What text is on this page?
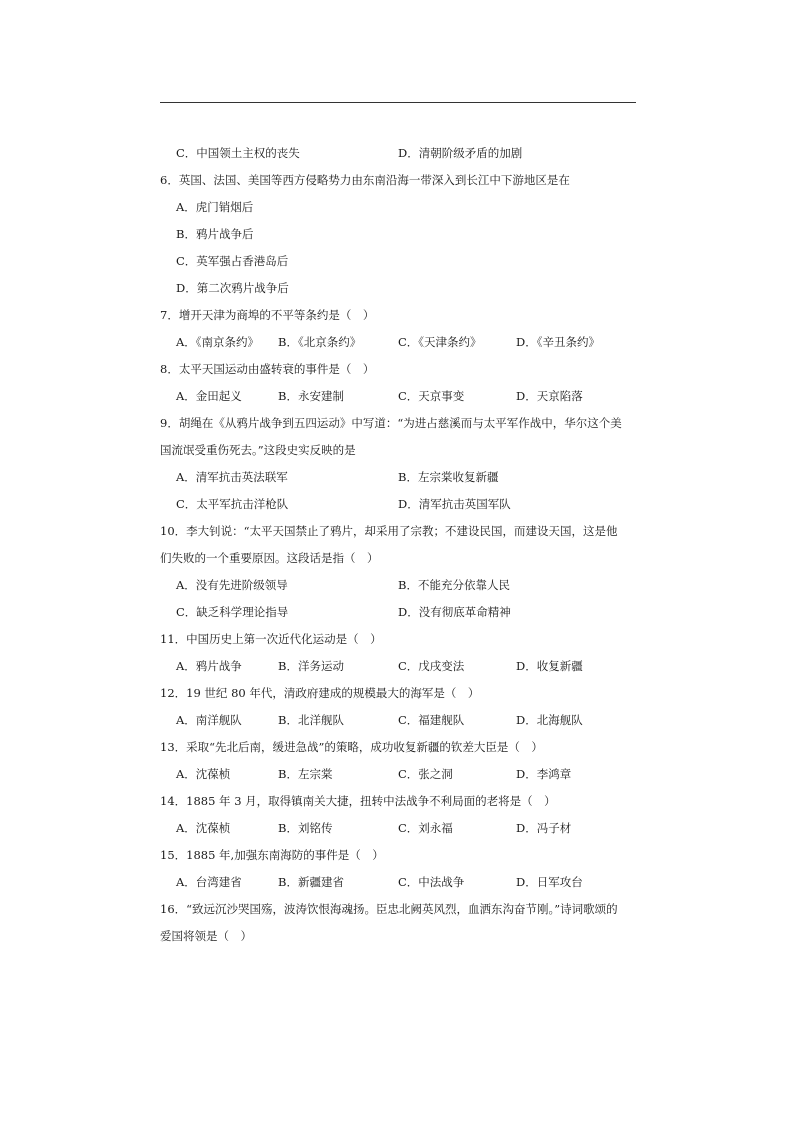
C．中国领土主权的丧失	D．清朝阶级矛盾的加剧
6．英国、法国、美国等西方侵略势力由东南沿海一带深入到长江中下游地区是在
A．虎门销烟后
B．鸦片战争后
C．英军强占香港岛后
D．第二次鸦片战争后
7．增开天津为商埠的不平等条约是（　）
A．《南京条约》 B．《北京条约》	C．《天津条约》	D．《辛丑条约》
8．太平天国运动由盛转衰的事件是（　）
A．金田起义	B．永安建制	C．天京事变	D．天京陷落
9．胡绳在《从鸦片战争到五四运动》中写道：“为进占慈溪而与太平军作战中，华尔这个美
国流氓受重伤死去。”这段史实反映的是
A．清军抗击英法联军	B．左宗棠收复新疆
C．太平军抗击洋枪队	D．清军抗击英国军队
10．李大钊说：“太平天国禁止了鸦片，却采用了宗教；不建设民国，而建设天国，这是他
们失败的一个重要原因。这段话是指（　）
A．没有先进阶级领导	B．不能充分依靠人民
C．缺乏科学理论指导	D．没有彻底革命精神
11．中国历史上第一次近代化运动是（　）
A．鸦片战争	B．洋务运动	C．戊戌变法	D．收复新疆
12．19 世纪 80 年代，清政府建成的规模最大的海军是（　）
A．南洋舰队	B．北洋舰队	C．福建舰队	D．北海舰队
13．采取“先北后南，缓进急战”的策略，成功收复新疆的钦差大臣是（　）
A．沈葆桢	B．左宗棠	C．张之洞	D．李鸿章
14．1885 年 3 月，取得镇南关大捷，扭转中法战争不利局面的老将是（　）
A．沈葆桢	B．刘铭传	C．刘永福	D．冯子材
15．1885 年,加强东南海防的事件是（　）
A．台湾建省	B．新疆建省	C．中法战争	D．日军攻台
16．“致远沉沙哭国殇，波涛饮恨海魂扬。臣忠北阙英风烈，血洒东沟奋节刚。”诗词歌颂的
爱国将领是（　）
